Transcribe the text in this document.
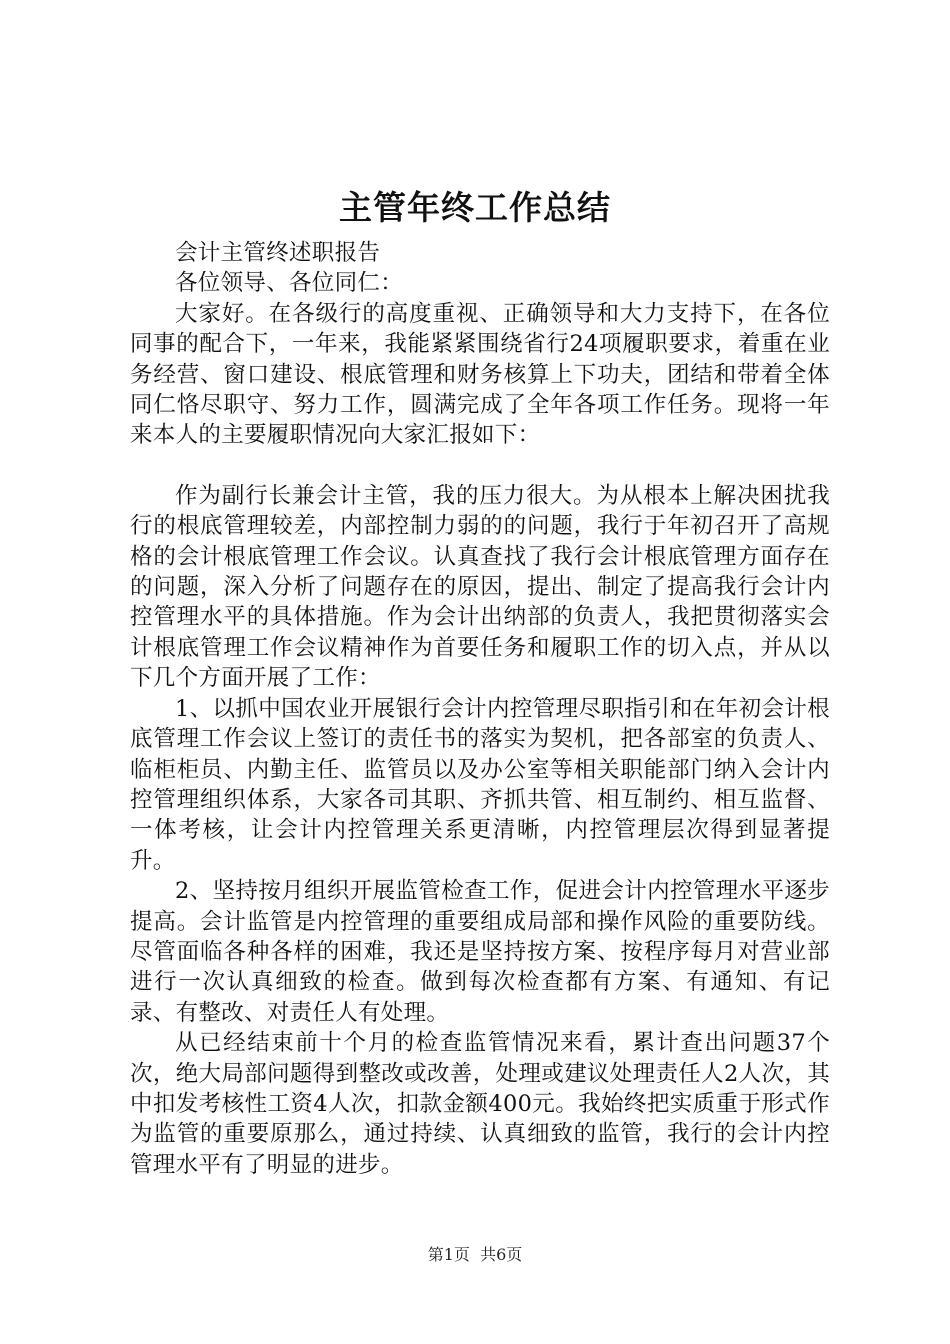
主管年终工作总结

会计主管终述职报告

各位领导、各位同仁：

大家好。在各级行的高度重视、正确领导和大力支持下，在各位同事的配合下，一年来，我能紧紧围绕省行24项履职要求，着重在业务经营、窗口建设、根底管理和财务核算上下功夫，团结和带着全体同仁恪尽职守、努力工作，圆满完成了全年各项工作任务。现将一年来本人的主要履职情况向大家汇报如下：

作为副行长兼会计主管，我的压力很大。为从根本上解决困扰我行的根底管理较差，内部控制力弱的的问题，我行于年初召开了高规格的会计根底管理工作会议。认真查找了我行会计根底管理方面存在的问题，深入分析了问题存在的原因，提出、制定了提高我行会计内控管理水平的具体措施。作为会计出纳部的负责人，我把贯彻落实会计根底管理工作会议精神作为首要任务和履职工作的切入点，并从以下几个方面开展了工作：

1、以抓中国农业开展银行会计内控管理尽职指引和在年初会计根底管理工作会议上签订的责任书的落实为契机，把各部室的负责人、临柜柜员、内勤主任、监管员以及办公室等相关职能部门纳入会计内控管理组织体系，大家各司其职、齐抓共管、相互制约、相互监督、一体考核，让会计内控管理关系更清晰，内控管理层次得到显著提升。

2、坚持按月组织开展监管检查工作，促进会计内控管理水平逐步提高。会计监管是内控管理的重要组成局部和操作风险的重要防线。尽管面临各种各样的困难，我还是坚持按方案、按程序每月对营业部进行一次认真细致的检查。做到每次检查都有方案、有通知、有记录、有整改、对责任人有处理。

从已经结束前十个月的检查监管情况来看，累计查出问题37个次，绝大局部问题得到整改或改善，处理或建议处理责任人2人次，其中扣发考核性工资4人次，扣款金额400元。我始终把实质重于形式作为监管的重要原那么，通过持续、认真细致的监管，我行的会计内控管理水平有了明显的进步。

第1页 共6页
